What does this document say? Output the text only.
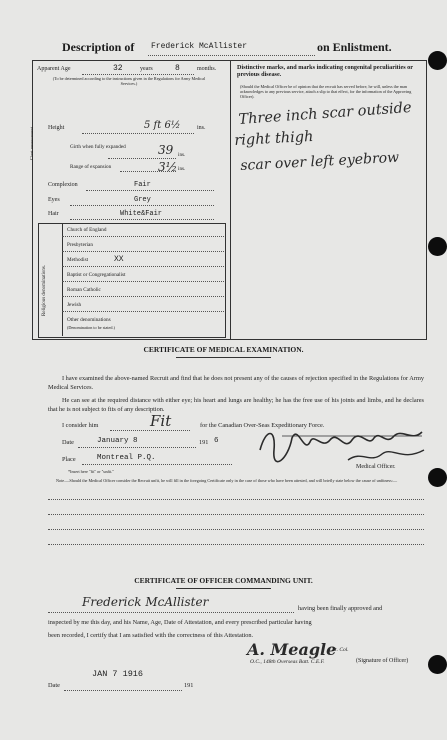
Description of Frederick McAllister	on Enlistment.
Apparent Age	32	years	8	months.
(To be determined according to the instructions given in the Regulations for Army Medical Services.)
Height	5 ft 6½	ins.
Chest measurement	Girth when fully expanded	39 ins.
Range of expansion	3½ ins.
Complexion	Fair
Eyes	Grey
Hair	White&Fair
Religious denominations.
Church of England
Presbyterian
Methodist	XX
Baptist or Congregationalist
Roman Catholic
Jewish
Other denominations
(Denomination to be stated.)
Distinctive marks, and marks indicating congenital peculiarities or previous disease.
(Should the Medical Officer be of opinion that the recruit has served before, he will, unless the man acknowledges to any previous service, attach a slip to that effect, for the information of the Approving Officer).
Three inch scar outside
right thigh
scar over left eyebrow
CERTIFICATE OF MEDICAL EXAMINATION.
I have examined the above-named Recruit and find that he does not present any of the causes of rejection specified in the Regulations for Army Medical Services.
He can see at the required distance with either eye; his heart and lungs are healthy; he has the free use of his joints and limbs, and he declares that he is not subject to fits of any description.
I consider him	Fit	for the Canadian Over-Seas Expeditionary Force.
Date	January 8	191 6
Place	Montreal P.Q.
*Insert here "fit" or "unfit."
Medical Officer.
Note.—Should the Medical Officer consider the Recruit unfit, he will fill in the foregoing Certificate only in the case of those who have been attested, and will briefly state below the cause of unfitness:—
CERTIFICATE OF OFFICER COMMANDING UNIT.
Frederick McAllister	having been finally approved and
inspected by me this day, and his Name, Age, Date of Attestation, and every prescribed particular having
been recorded, I certify that I am satisfied with the correctness of this Attestation.
A. Meagle
Lt. Col.
O.C., 148th Overseas Batt. C.E.F.	(Signature of Officer)
JAN 7 1916
Date	191
